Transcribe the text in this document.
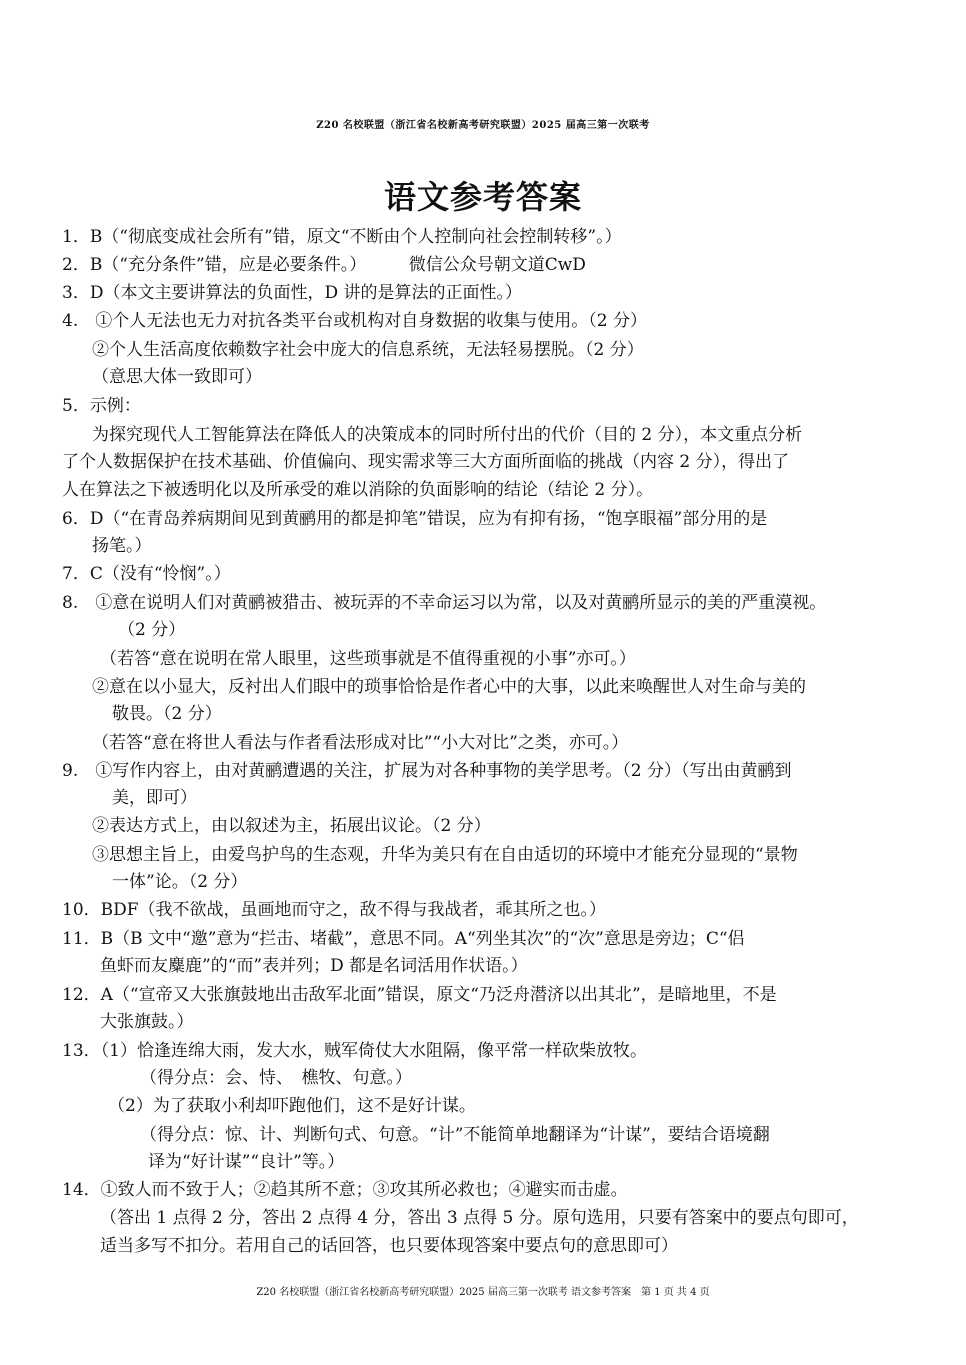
Z20 名校联盟（浙江省名校新高考研究联盟）2025 届高三第一次联考
语文参考答案
1．B（“彻底变成社会所有”错，原文“不断由个人控制向社会控制转移”。）
2．B（“充分条件”错，应是必要条件。）　　　微信公众号朝文道CwD
3．D（本文主要讲算法的负面性，D 讲的是算法的正面性。）
4.　①个人无法也无力对抗各类平台或机构对自身数据的收集与使用。（2 分）
②个人生活高度依赖数字社会中庞大的信息系统，无法轻易摆脱。（2 分）
（意思大体一致即可）
5．示例：
为探究现代人工智能算法在降低人的决策成本的同时所付出的代价（目的 2 分），本文重点分析
了个人数据保护在技术基础、价值偏向、现实需求等三大方面所面临的挑战（内容 2 分），得出了
人在算法之下被透明化以及所承受的难以消除的负面影响的结论（结论 2 分）。
6．D（“在青岛养病期间见到黄鹂用的都是抑笔”错误，应为有抑有扬，“饱享眼福”部分用的是
扬笔。）
7．C（没有“怜悯”。）
8.　①意在说明人们对黄鹂被猎击、被玩弄的不幸命运习以为常，以及对黄鹂所显示的美的严重漠视。
（2 分）
（若答“意在说明在常人眼里，这些琐事就是不值得重视的小事”亦可。）
②意在以小显大，反衬出人们眼中的琐事恰恰是作者心中的大事，以此来唤醒世人对生命与美的
敬畏。（2 分）
（若答“意在将世人看法与作者看法形成对比”“小大对比”之类，亦可。）
9.　①写作内容上，由对黄鹂遭遇的关注，扩展为对各种事物的美学思考。（2 分）（写出由黄鹂到
美，即可）
②表达方式上，由以叙述为主，拓展出议论。（2 分）
③思想主旨上，由爱鸟护鸟的生态观，升华为美只有在自由适切的环境中才能充分显现的“景物
一体”论。（2 分）
10．BDF（我不欲战，虽画地而守之，敌不得与我战者，乖其所之也。）
11．B（B 文中“邀”意为“拦击、堵截”，意思不同。A“列坐其次”的“次”意思是旁边；C“侣
鱼虾而友麋鹿”的“而”表并列；D 都是名词活用作状语。）
12．A（“宣帝又大张旗鼓地出击敌军北面”错误，原文“乃泛舟潜济以出其北”，是暗地里，不是
大张旗鼓。）
13．（1）恰逢连绵大雨，发大水，贼军倚仗大水阻隔，像平常一样砍柴放牧。
（得分点：会、恃、　樵牧、句意。）
（2）为了获取小利却吓跑他们，这不是好计谋。
（得分点：惊、计、判断句式、句意。“计”不能简单地翻译为“计谋”，要结合语境翻
译为“好计谋”“良计”等。）
14．①致人而不致于人；②趋其所不意；③攻其所必救也；④避实而击虚。
（答出 1 点得 2 分，答出 2 点得 4 分，答出 3 点得 5 分。原句选用，只要有答案中的要点句即可，
适当多写不扣分。若用自己的话回答，也只要体现答案中要点句的意思即可）
Z20 名校联盟（浙江省名校新高考研究联盟）2025 届高三第一次联考 语文参考答案　第 1 页 共 4 页
